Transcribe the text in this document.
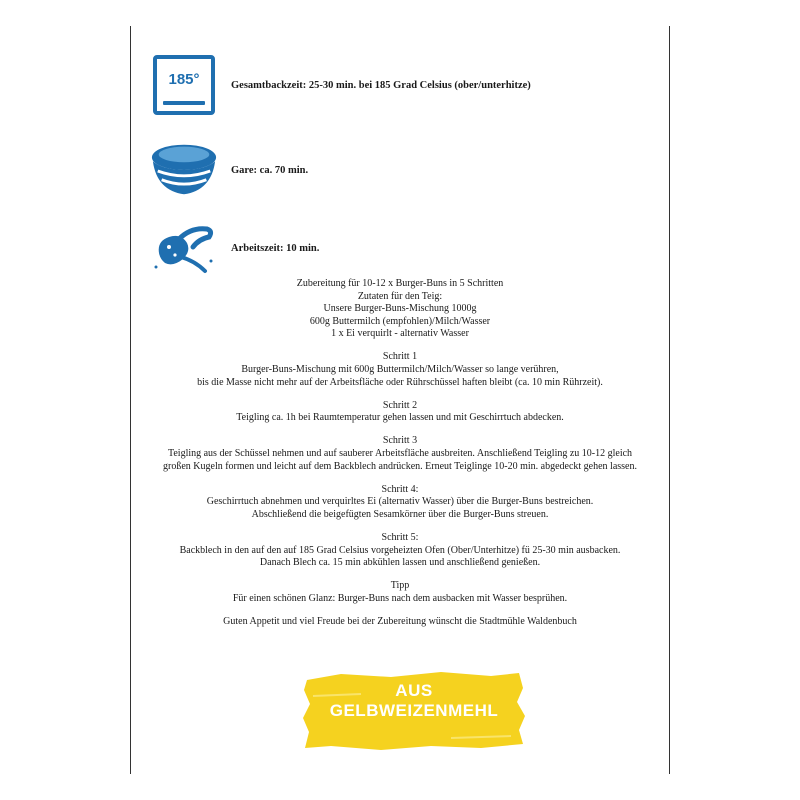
185°	Gesamtbackzeit: 25-30 min. bei 185 Grad Celsius (ober/unterhitze)
Gare: ca. 70 min.
Arbeitszeit: 10 min.

Zubereitung für 10-12 x Burger-Buns in 5 Schritten

Zutaten für den Teig:

Unsere Burger-Buns-Mischung 1000g

600g Buttermilch (empfohlen)/Milch/Wasser

1 x Ei verquirlt - alternativ Wasser

Schritt 1

Burger-Buns-Mischung mit 600g Buttermilch/Milch/Wasser so lange verühren,

bis die Masse nicht mehr auf der Arbeitsfläche oder Rührschüssel haften bleibt (ca. 10 min Rührzeit).

Schritt 2

Teigling ca. 1h bei Raumtemperatur gehen lassen und mit Geschirrtuch abdecken.

Schritt 3

Teigling aus der Schüssel nehmen und auf sauberer Arbeitsfläche ausbreiten. Anschließend Teigling zu 10-12 gleich

großen Kugeln formen und leicht auf dem Backblech andrücken. Erneut Teiglinge 10-20 min. abgedeckt gehen lassen.

Schritt 4:

Geschirrtuch abnehmen und verquirltes Ei (alternativ Wasser) über die Burger-Buns bestreichen.

Abschließend die beigefügten Sesamkörner über die Burger-Buns streuen.

Schritt 5:

Backblech in den auf den auf 185 Grad Celsius vorgeheizten Ofen (Ober/Unterhitze) fü 25-30 min ausbacken.

Danach Blech ca. 15 min abkühlen lassen und anschließend genießen.

Tipp

Für einen schönen Glanz: Burger-Buns nach dem ausbacken mit Wasser besprühen.

Guten Appetit und viel Freude bei der Zubereitung wünscht die Stadtmühle Waldenbuch

AUS
GELBWEIZENMEHL
